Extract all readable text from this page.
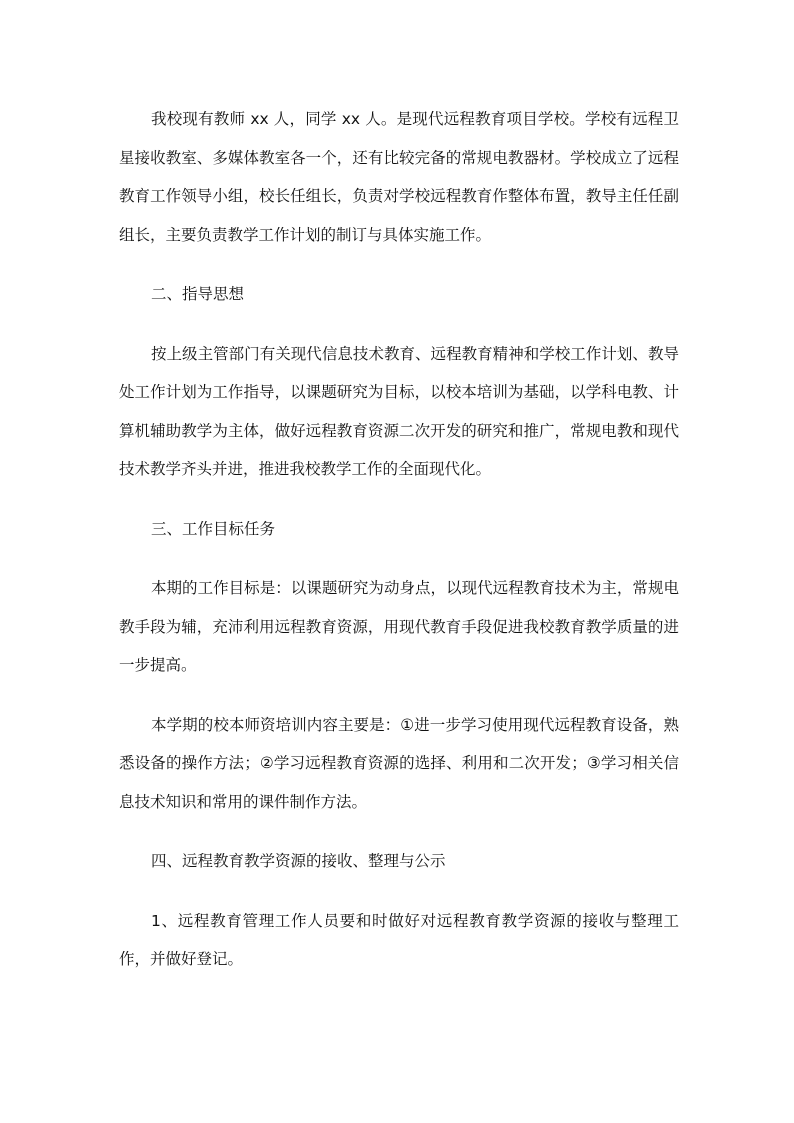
我校现有教师 xx 人，同学 xx 人。是现代远程教育项目学校。学校有远程卫星接收教室、多媒体教室各一个，还有比较完备的常规电教器材。学校成立了远程教育工作领导小组，校长任组长，负责对学校远程教育作整体布置，教导主任任副组长，主要负责教学工作计划的制订与具体实施工作。

二、指导思想

按上级主管部门有关现代信息技术教育、远程教育精神和学校工作计划、教导处工作计划为工作指导，以课题研究为目标，以校本培训为基础，以学科电教、计算机辅助教学为主体，做好远程教育资源二次开发的研究和推广，常规电教和现代技术教学齐头并进，推进我校教学工作的全面现代化。

三、工作目标任务

本期的工作目标是：以课题研究为动身点，以现代远程教育技术为主，常规电教手段为辅，充沛利用远程教育资源，用现代教育手段促进我校教育教学质量的进一步提高。

本学期的校本师资培训内容主要是：①进一步学习使用现代远程教育设备，熟悉设备的操作方法；②学习远程教育资源的选择、利用和二次开发；③学习相关信息技术知识和常用的课件制作方法。

四、远程教育教学资源的接收、整理与公示

1、远程教育管理工作人员要和时做好对远程教育教学资源的接收与整理工作，并做好登记。
